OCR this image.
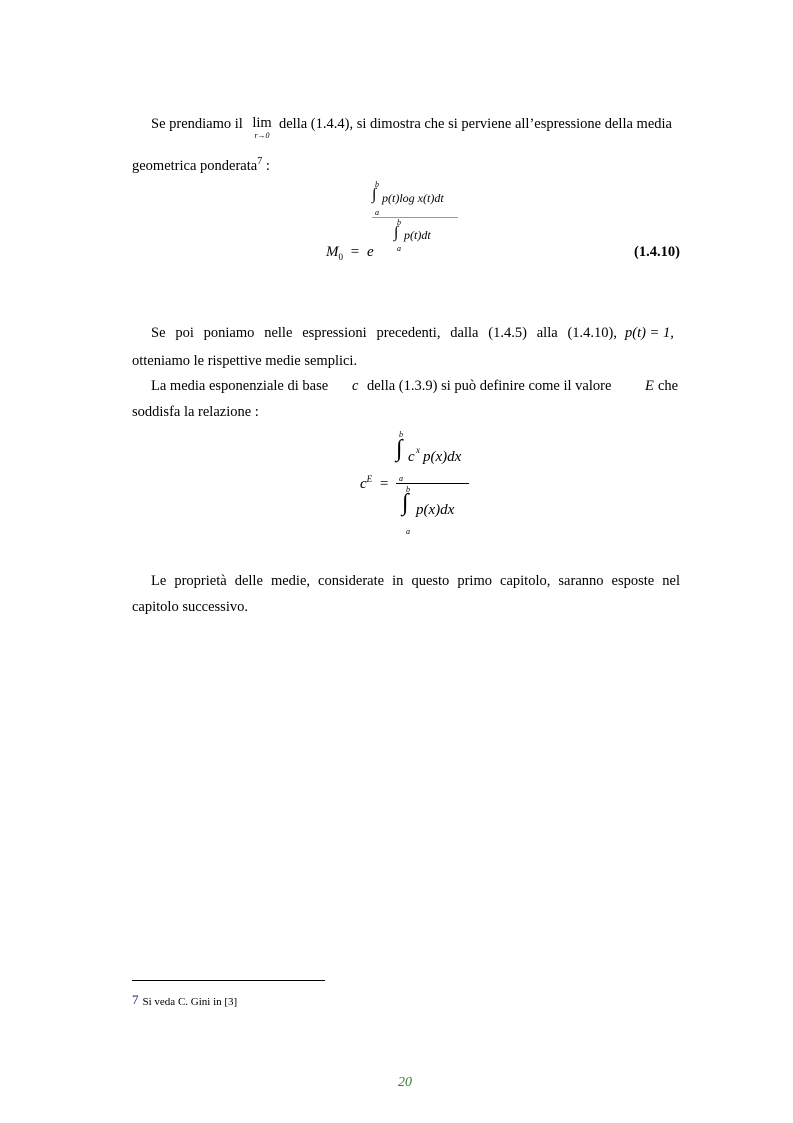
Se prendiamo il lim
r→0
della (1.4.4), si dimostra che si perviene all’espressione della media
geometrica ponderata$^7$ :
b
∫
a
p(t)log x(t)dt
b
∫
a
p(t)dt
$M_0 = e$	(1.4.10)
Se poi poniamo nelle espressioni precedenti, dalla (1.4.5) alla (1.4.10), p(t) = 1,
otteniamo le rispettive medie semplici.
La media esponenziale di base c della (1.3.9) si può definire come il valore E che
soddisfa la relazione :
b
∫
a
c x p(x)dx
$c^E = b$
∫
a
p(x)dx
Le proprietà delle medie, considerate in questo primo capitolo, saranno esposte nel
capitolo successivo.
$^7$ Si veda C. Gini in [3]
20
